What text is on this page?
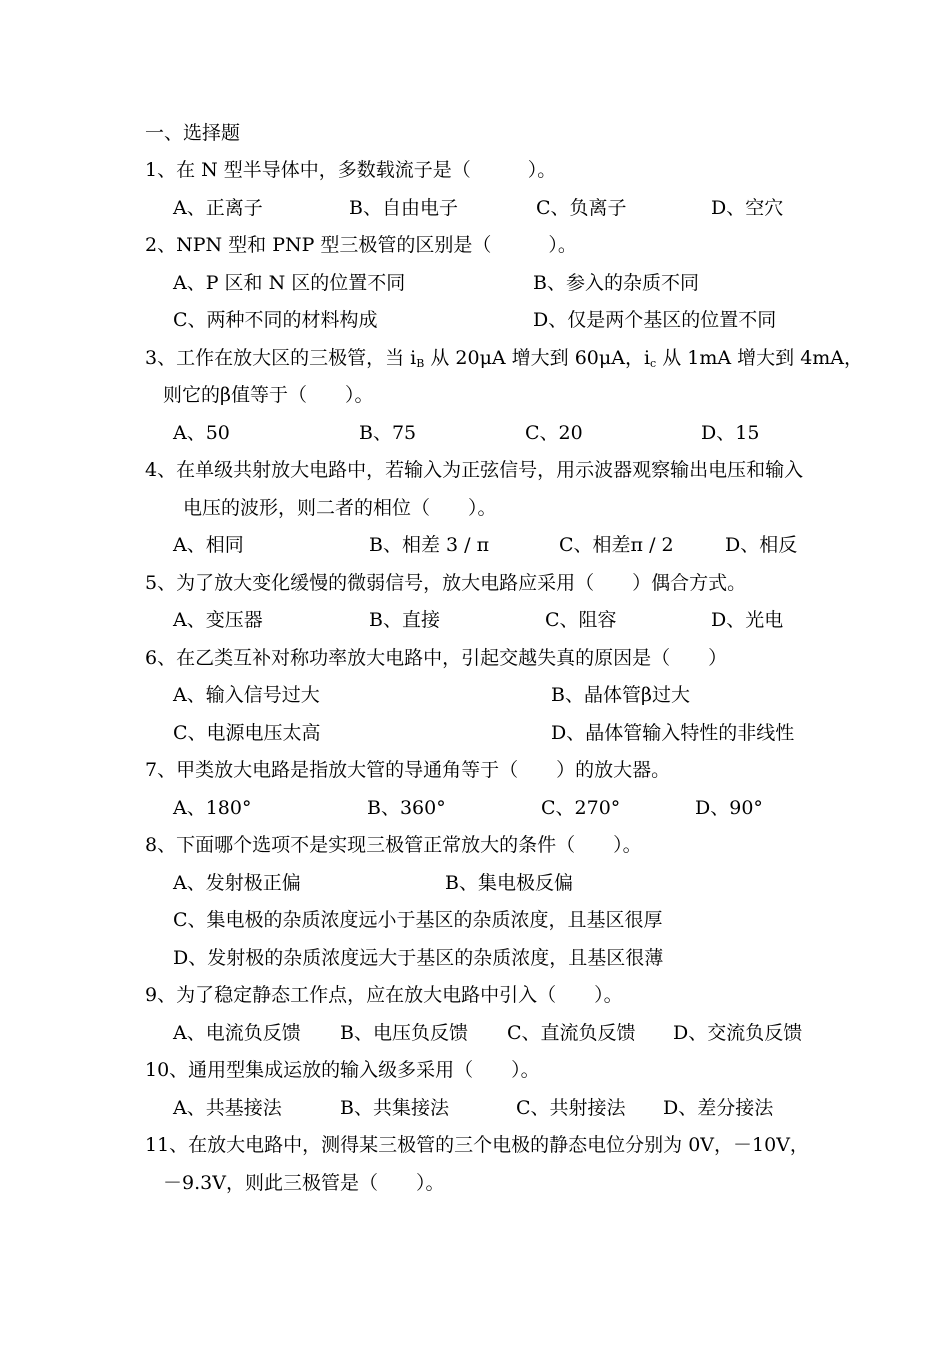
一、选择题
1、在 N 型半导体中，多数载流子是（　　　）。
A、正离子	B、自由电子	C、负离子	D、空穴
2、NPN 型和 PNP 型三极管的区别是（　　　）。
A、P 区和 N 区的位置不同	B、参入的杂质不同
C、两种不同的材料构成	D、仅是两个基区的位置不同
3、工作在放大区的三极管，当 $i_B$ 从 20μA 增大到 60μA，$i_c$ 从 1mA 增大到 4mA，
则它的β值等于（　　）。
A、50	B、75	C、20	D、15
4、在单级共射放大电路中，若输入为正弦信号，用示波器观察输出电压和输入
电压的波形，则二者的相位（　　）。
A、相同	B、相差 3 / π	C、相差π / 2	D、相反
5、为了放大变化缓慢的微弱信号，放大电路应采用（　　）偶合方式。
A、变压器	B、直接	C、阻容	D、光电
6、在乙类互补对称功率放大电路中，引起交越失真的原因是（　　）
A、输入信号过大	B、晶体管β过大
C、电源电压太高	D、晶体管输入特性的非线性
7、甲类放大电路是指放大管的导通角等于（　　）的放大器。
A、180°	B、360°	C、270°	D、90°
8、下面哪个选项不是实现三极管正常放大的条件（　　）。
A、发射极正偏	B、集电极反偏
C、集电极的杂质浓度远小于基区的杂质浓度，且基区很厚
D、发射极的杂质浓度远大于基区的杂质浓度，且基区很薄
9、为了稳定静态工作点，应在放大电路中引入（　　）。
A、电流负反馈 B、电压负反馈 C、直流负反馈 D、交流负反馈
10、通用型集成运放的输入级多采用（　　）。
A、共基接法	B、共集接法	C、共射接法 D、差分接法
11、在放大电路中，测得某三极管的三个电极的静态电位分别为 0V，－10V，
－9.3V，则此三极管是（　　）。
